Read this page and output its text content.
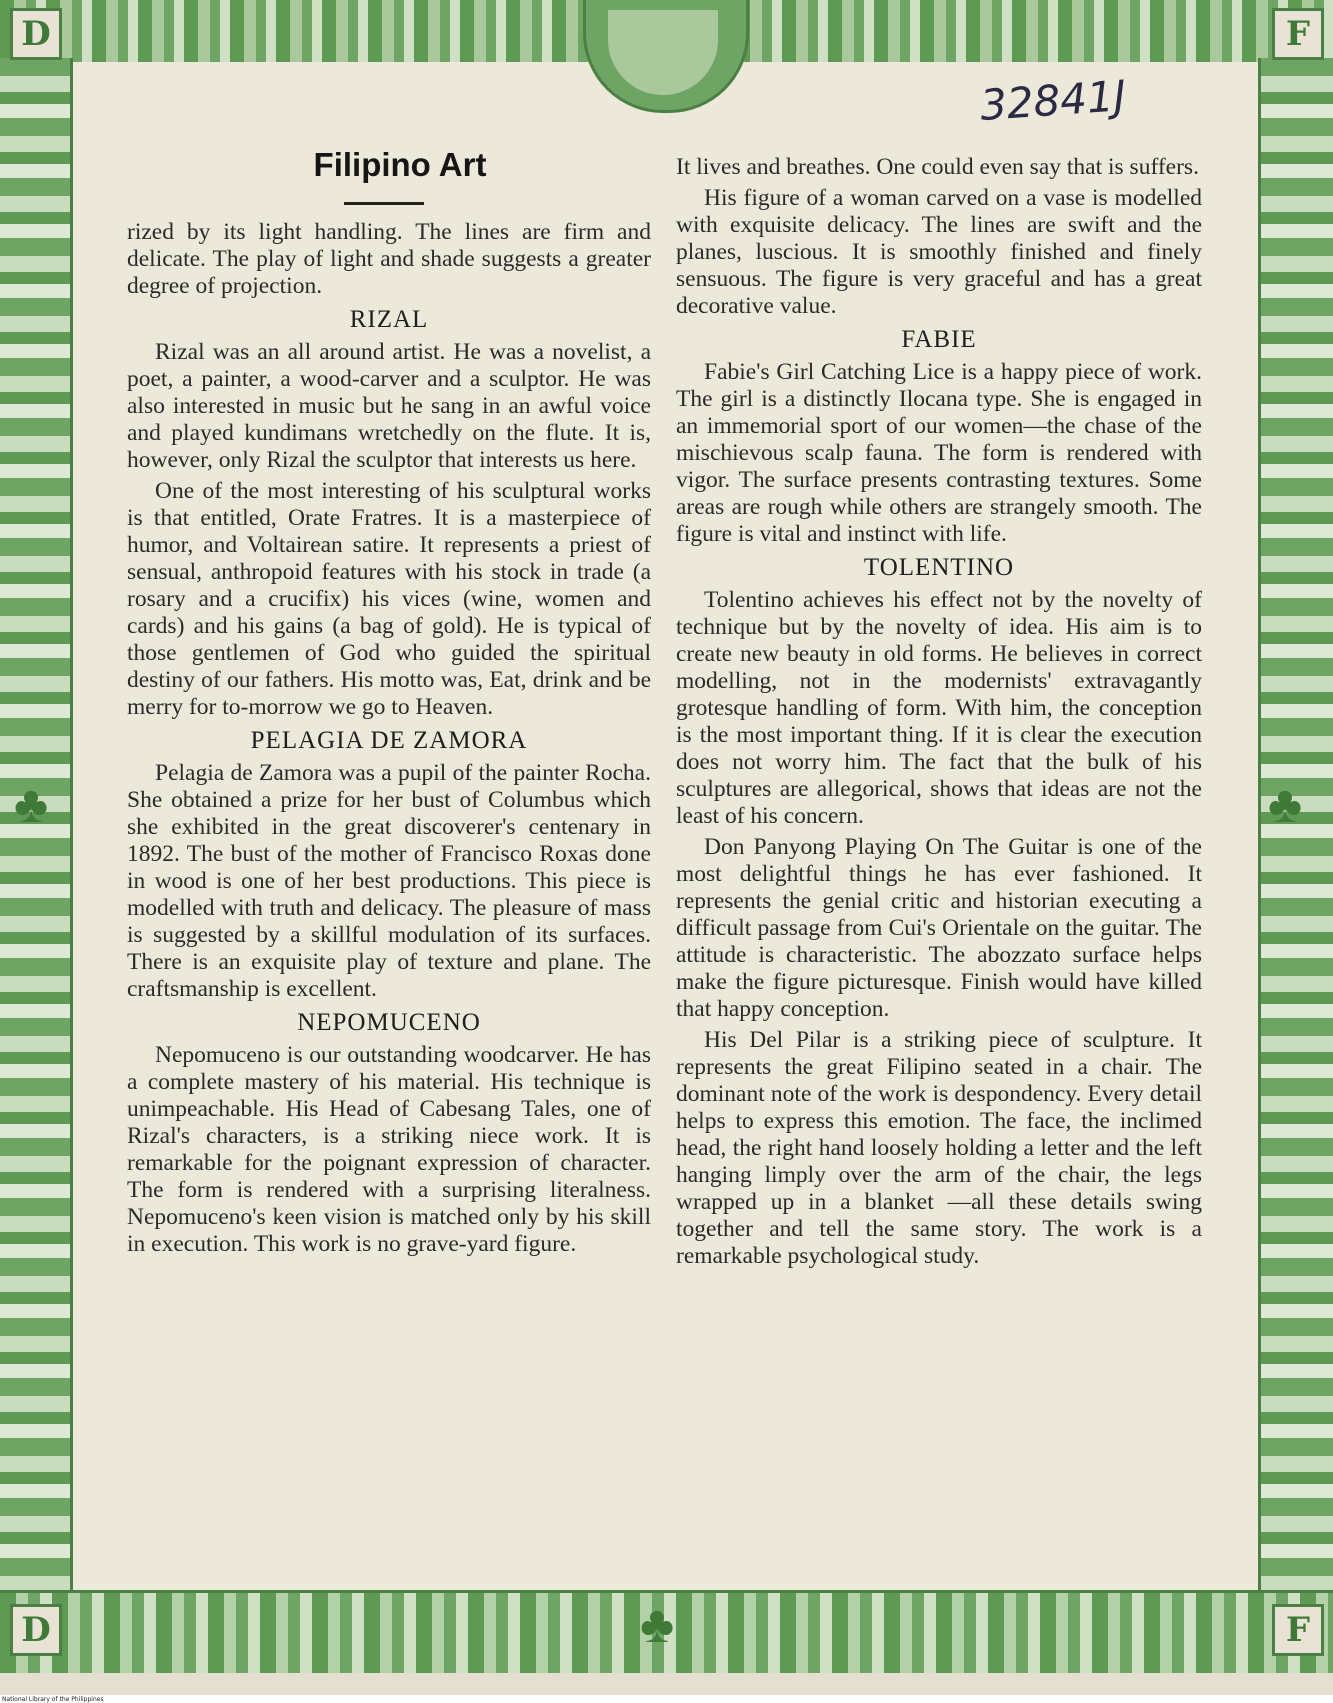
D	F
D	F
♣	♣
♣
32841J
Filipino Art

rized by its light handling. The lines are firm and delicate. The play of light and shade suggests a greater degree of projection.

RIZAL

Rizal was an all around artist. He was a novelist, a poet, a painter, a wood-carver and a sculptor. He was also interested in music but he sang in an awful voice and played kundimans wretchedly on the flute. It is, however, only Rizal the sculptor that interests us here.

One of the most interesting of his sculptural works is that entitled, Orate Fratres. It is a masterpiece of humor, and Voltairean satire. It represents a priest of sensual, anthropoid features with his stock in trade (a rosary and a crucifix) his vices (wine, women and cards) and his gains (a bag of gold). He is typical of those gentlemen of God who guided the spiritual destiny of our fathers. His motto was, Eat, drink and be merry for to-morrow we go to Heaven.

PELAGIA DE ZAMORA

Pelagia de Zamora was a pupil of the painter Rocha. She obtained a prize for her bust of Columbus which she exhibited in the great discoverer's centenary in 1892. The bust of the mother of Francisco Roxas done in wood is one of her best productions. This piece is modelled with truth and delicacy. The pleasure of mass is suggested by a skillful modulation of its surfaces. There is an exquisite play of texture and plane. The craftsmanship is excellent.

NEPOMUCENO

Nepomuceno is our outstanding woodcarver. He has a complete mastery of his material. His technique is unimpeachable. His Head of Cabesang Tales, one of Rizal's characters, is a striking niece work. It is remarkable for the poignant expression of character. The form is rendered with a surprising literalness. Nepomuceno's keen vision is matched only by his skill in execution. This work is no grave-yard figure.

It lives and breathes. One could even say that is suffers.

His figure of a woman carved on a vase is modelled with exquisite delicacy. The lines are swift and the planes, luscious. It is smoothly finished and finely sensuous. The figure is very graceful and has a great decorative value.

FABIE

Fabie's Girl Catching Lice is a happy piece of work. The girl is a distinctly Ilocana type. She is engaged in an immemorial sport of our women—the chase of the mischievous scalp fauna. The form is rendered with vigor. The surface presents contrasting textures. Some areas are rough while others are strangely smooth. The figure is vital and instinct with life.

TOLENTINO

Tolentino achieves his effect not by the novelty of technique but by the novelty of idea. His aim is to create new beauty in old forms. He believes in correct modelling, not in the modernists' extravagantly grotesque handling of form. With him, the conception is the most important thing. If it is clear the execution does not worry him. The fact that the bulk of his sculptures are allegorical, shows that ideas are not the least of his concern.

Don Panyong Playing On The Guitar is one of the most delightful things he has ever fashioned. It represents the genial critic and historian executing a difficult passage from Cui's Orientale on the guitar. The attitude is characteristic. The abozzato surface helps make the figure picturesque. Finish would have killed that happy conception.

His Del Pilar is a striking piece of sculpture. It represents the great Filipino seated in a chair. The dominant note of the work is despondency. Every detail helps to express this emotion. The face, the inclimed head, the right hand loosely holding a letter and the left hanging limply over the arm of the chair, the legs wrapped up in a blanket —all these details swing together and tell the same story. The work is a remarkable psychological study.

National Library of the Philippines
